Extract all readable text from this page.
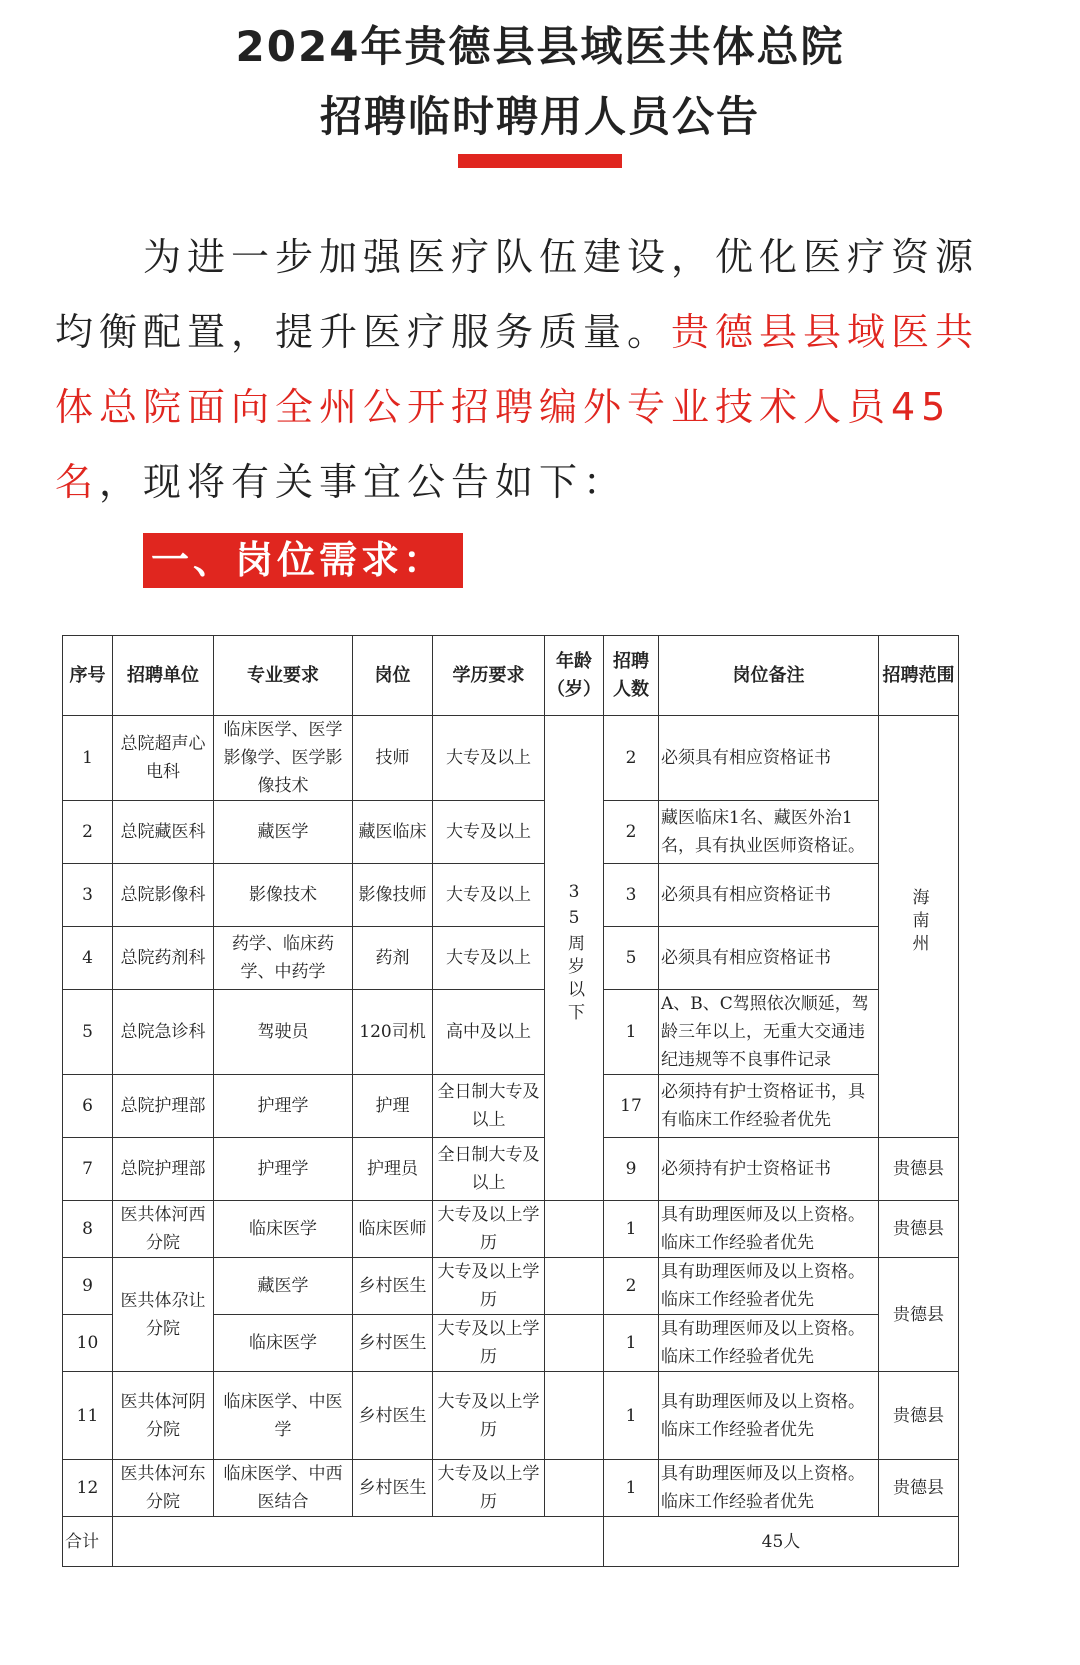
2024年贵德县县域医共体总院
招聘临时聘用人员公告
为进一步加强医疗队伍建设，优化医疗资源均衡配置，提升医疗服务质量。贵德县县域医共体总院面向全州公开招聘编外专业技术人员45名，现将有关事宜公告如下：
一、岗位需求：
序号	招聘单位	专业要求	岗位	学历要求	年龄（岁）	招聘人数	岗位备注	招聘范围
1	总院超声心电科	临床医学、医学影像学、医学影像技术	技师	大专及以上	35周岁以下	2	必须具有相应资格证书	海南州
2	总院藏医科	藏医学	藏医临床	大专及以上		2	藏医临床1名、藏医外治1名，具有执业医师资格证。	
3	总院影像科	影像技术	影像技师	大专及以上		3	必须具有相应资格证书	
4	总院药剂科	药学、临床药学、中药学	药剂	大专及以上		5	必须具有相应资格证书	
5	总院急诊科	驾驶员	120司机	高中及以上		1	A、B、C驾照依次顺延，驾龄三年以上，无重大交通违纪违规等不良事件记录	
6	总院护理部	护理学	护理	全日制大专及以上		17	必须持有护士资格证书，具有临床工作经验者优先	
7	总院护理部	护理学	护理员	全日制大专及以上		9	必须持有护士资格证书	贵德县
8	医共体河西分院	临床医学	临床医师	大专及以上学历		1	具有助理医师及以上资格。临床工作经验者优先	贵德县
9	医共体尕让分院	藏医学	乡村医生	大专及以上学历		2	具有助理医师及以上资格。临床工作经验者优先	贵德县
10		临床医学	乡村医生	大专及以上学历		1	具有助理医师及以上资格。临床工作经验者优先	
11	医共体河阴分院	临床医学、中医学	乡村医生	大专及以上学历		1	具有助理医师及以上资格。临床工作经验者优先	贵德县
12	医共体河东分院	临床医学、中西医结合	乡村医生	大专及以上学历		1	具有助理医师及以上资格。临床工作经验者优先	贵德县
合计						45人		
